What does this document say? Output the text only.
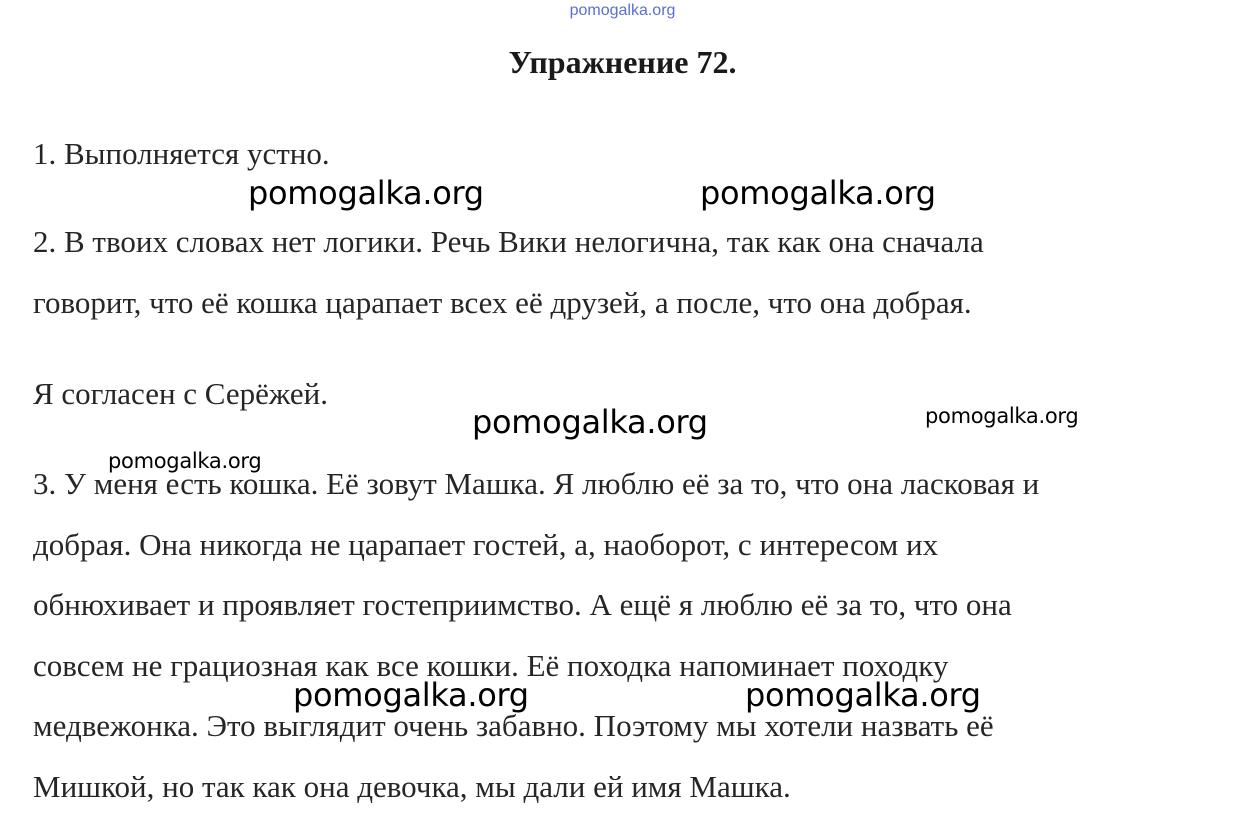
pomogalka.org
Упражнение 72.
1. Выполняется устно.
2. В твоих словах нет логики. Речь Вики нелогична, так как она сначала
говорит, что её кошка царапает всех её друзей, а после, что она добрая.
Я согласен с Серёжей.
3. У меня есть кошка. Её зовут Машка. Я люблю её за то, что она ласковая и
добрая. Она никогда не царапает гостей, а, наоборот, с интересом их
обнюхивает и проявляет гостеприимство. А ещё я люблю её за то, что она
совсем не грациозная как все кошки. Её походка напоминает походку
медвежонка. Это выглядит очень забавно. Поэтому мы хотели назвать её
Мишкой, но так как она девочка, мы дали ей имя Машка.
pomogalka.org	pomogalka.org
pomogalka.org	pomogalka.org
pomogalka.org
pomogalka.org	pomogalka.org
